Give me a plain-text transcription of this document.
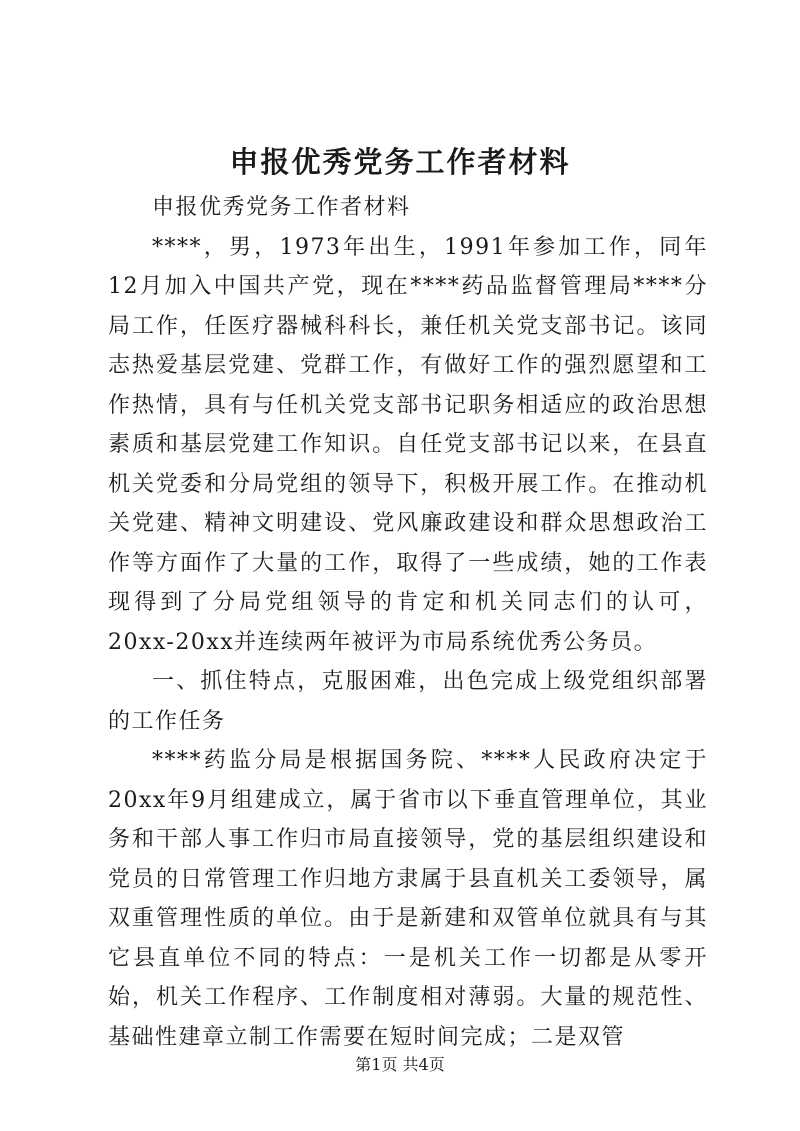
申报优秀党务工作者材料

申报优秀党务工作者材料

****，男，1973年出生，1991年参加工作，同年12月加入中国共产党，现在****药品监督管理局****分局工作，任医疗器械科科长，兼任机关党支部书记。该同志热爱基层党建、党群工作，有做好工作的强烈愿望和工作热情，具有与任机关党支部书记职务相适应的政治思想素质和基层党建工作知识。自任党支部书记以来，在县直机关党委和分局党组的领导下，积极开展工作。在推动机关党建、精神文明建设、党风廉政建设和群众思想政治工作等方面作了大量的工作，取得了一些成绩，她的工作表现得到了分局党组领导的肯定和机关同志们的认可，20xx-20xx并连续两年被评为市局系统优秀公务员。

一、抓住特点，克服困难，出色完成上级党组织部署的工作任务

****药监分局是根据国务院、****人民政府决定于20xx年9月组建成立，属于省市以下垂直管理单位，其业务和干部人事工作归市局直接领导，党的基层组织建设和党员的日常管理工作归地方隶属于县直机关工委领导，属双重管理性质的单位。由于是新建和双管单位就具有与其它县直单位不同的特点：一是机关工作一切都是从零开始，机关工作程序、工作制度相对薄弱。大量的规范性、基础性建章立制工作需要在短时间完成；二是双管

第1页 共4页
